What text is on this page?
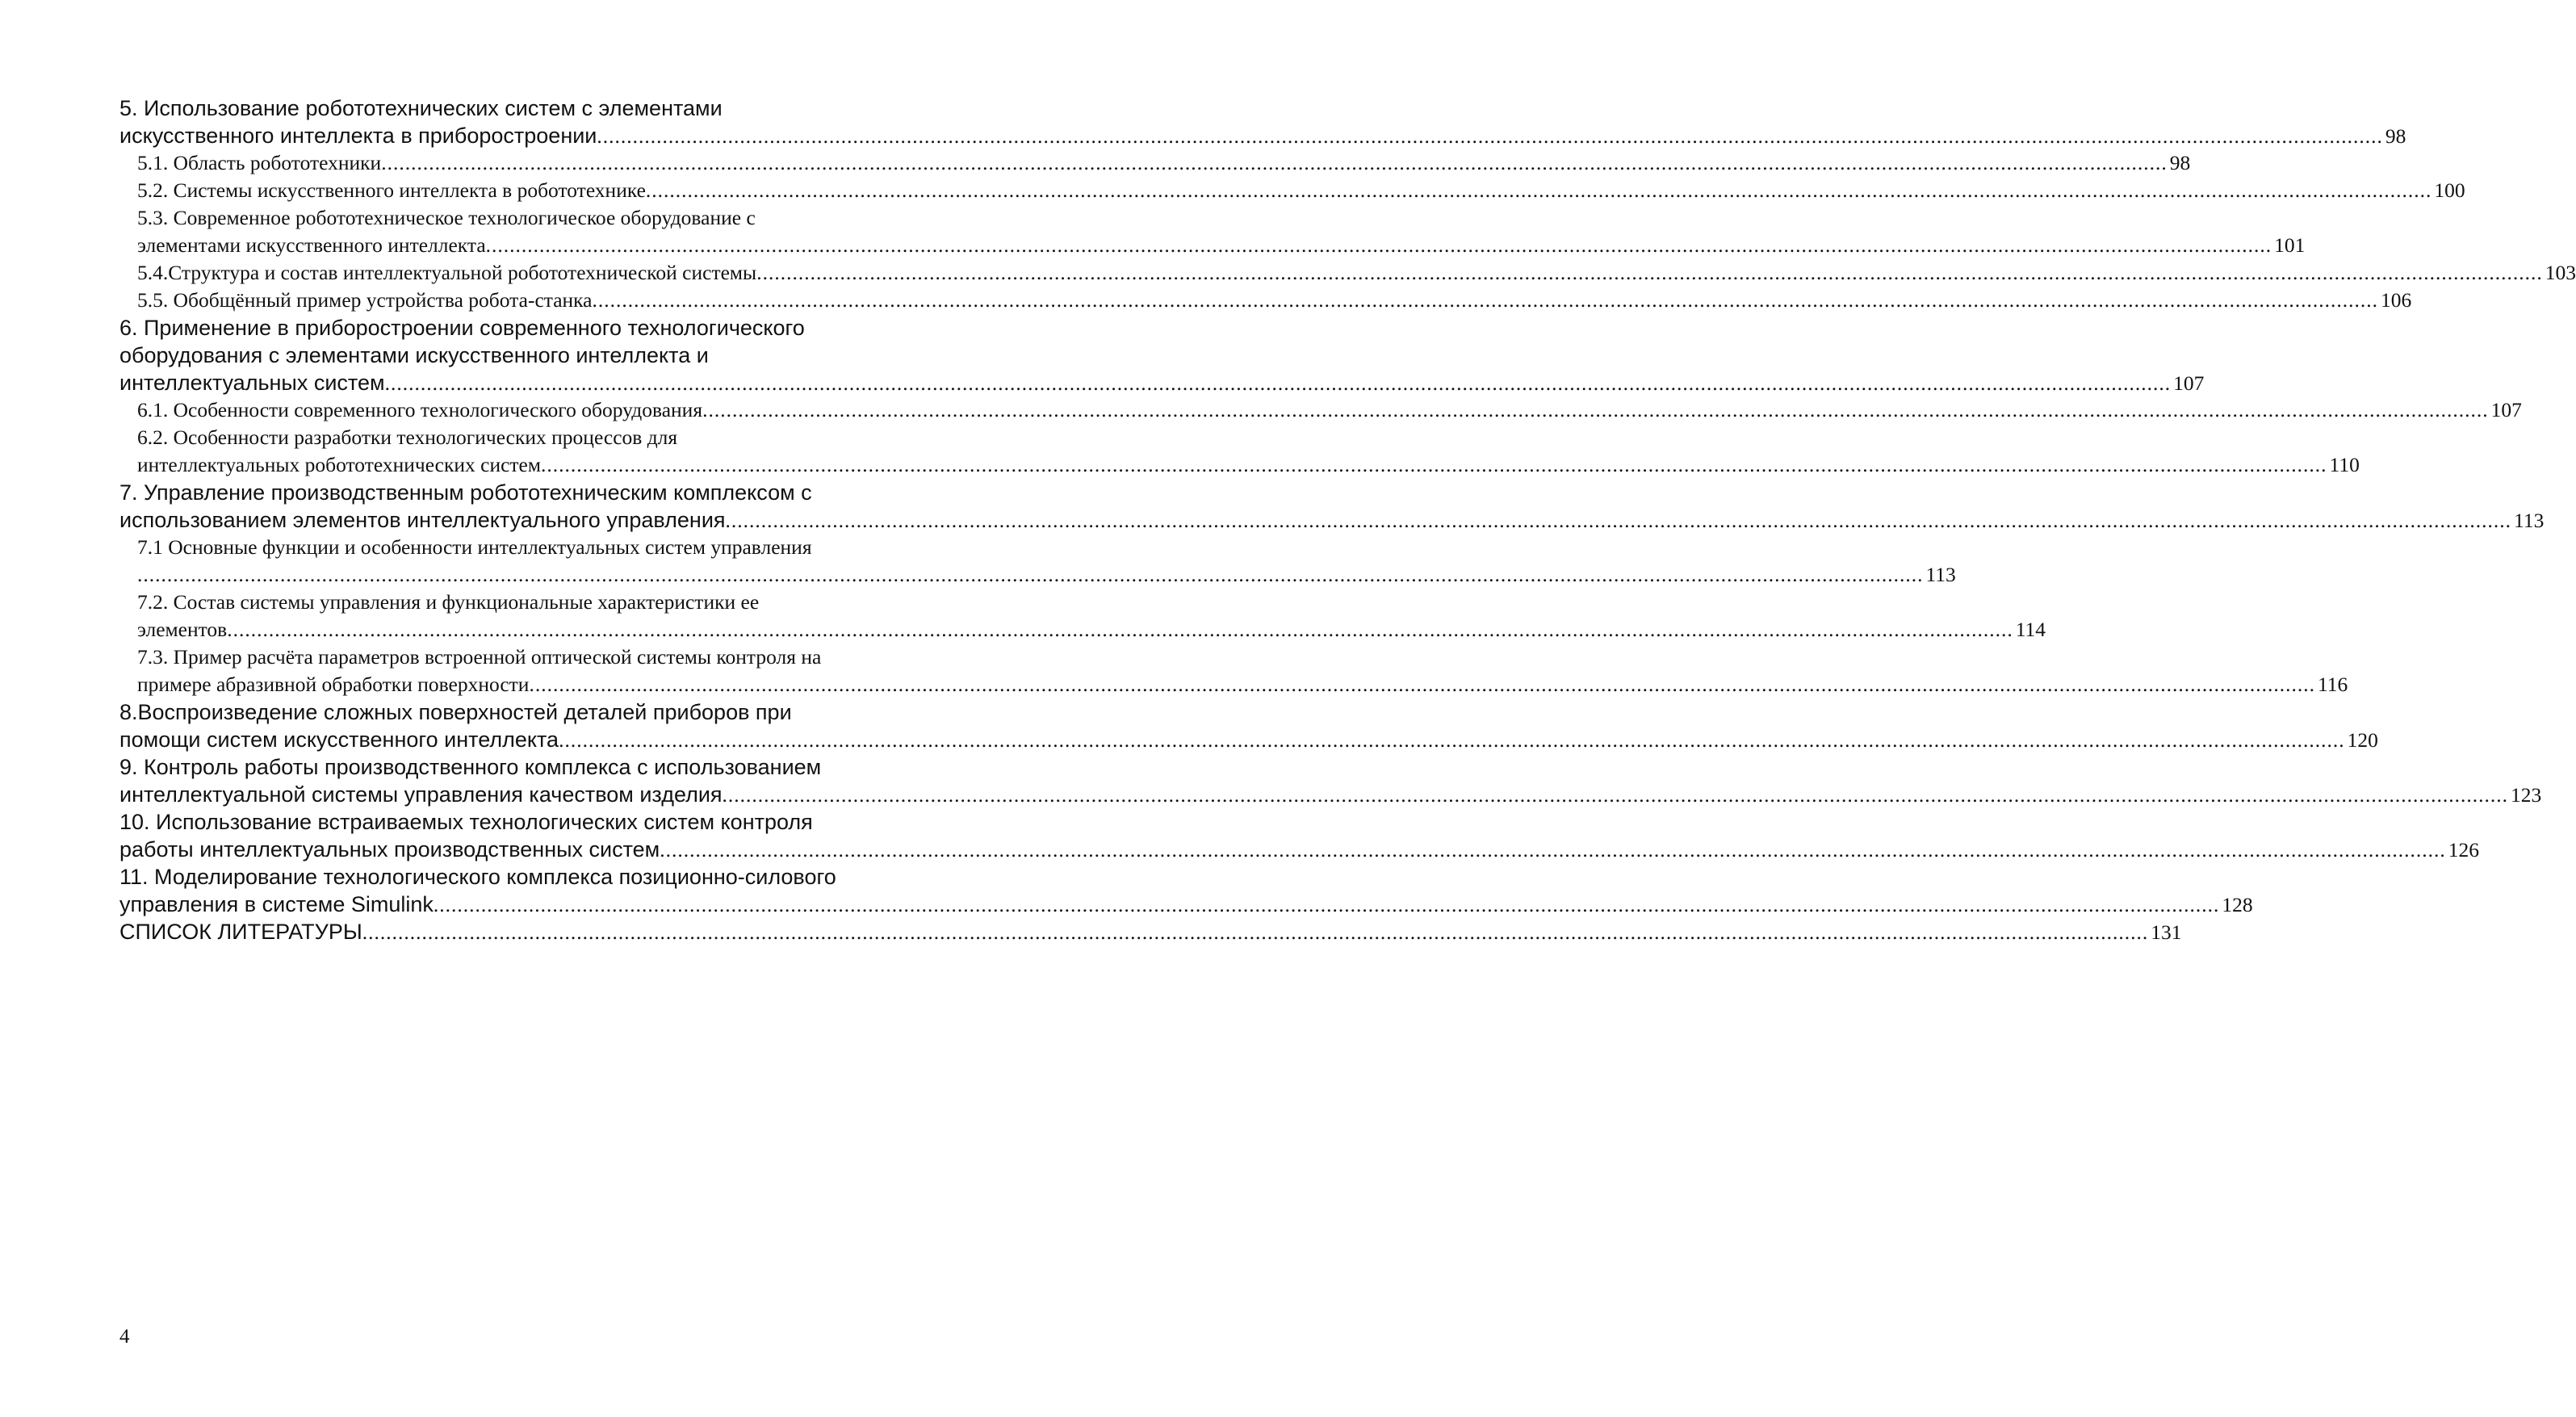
5. Использование робототехнических систем с элементами
искусственного интеллекта в приборостроении ............................................................................................................................................................................................................................................................................................................ 98
5.1. Область робототехники ............................................................................................................................................................................................................................................................................................................ 98
5.2. Системы искусственного интеллекта в робототехнике ............................................................................................................................................................................................................................................................................................................ 100
5.3. Современное робототехническое технологическое оборудование с
элементами искусственного интеллекта ............................................................................................................................................................................................................................................................................................................ 101
5.4.Структура и состав интеллектуальной робототехнической системы ............................................................................................................................................................................................................................................................................................................ 103
5.5. Обобщённый пример устройства робота-станка ............................................................................................................................................................................................................................................................................................................ 106
6. Применение в приборостроении современного технологического
оборудования с элементами искусственного интеллекта и
интеллектуальных систем ............................................................................................................................................................................................................................................................................................................ 107
6.1. Особенности современного технологического оборудования ............................................................................................................................................................................................................................................................................................................ 107
6.2. Особенности разработки технологических процессов для
интеллектуальных робототехнических систем ............................................................................................................................................................................................................................................................................................................ 110
7. Управление производственным робототехническим комплексом с
использованием элементов интеллектуального управления ............................................................................................................................................................................................................................................................................................................ 113
7.1 Основные функции и особенности интеллектуальных систем управления
............................................................................................................................................................................................................................................................................................................ 113
7.2. Состав системы управления и функциональные характеристики ее
элементов ............................................................................................................................................................................................................................................................................................................ 114
7.3. Пример расчёта параметров встроенной оптической системы контроля на
примере абразивной обработки поверхности ............................................................................................................................................................................................................................................................................................................ 116
8.Воспроизведение сложных поверхностей деталей приборов при
помощи систем искусственного интеллекта ............................................................................................................................................................................................................................................................................................................ 120
9. Контроль работы производственного комплекса с использованием
интеллектуальной системы управления качеством изделия ............................................................................................................................................................................................................................................................................................................ 123
10. Использование встраиваемых технологических систем контроля
работы интеллектуальных производственных систем ............................................................................................................................................................................................................................................................................................................ 126
11. Моделирование технологического комплекса позиционно-силового
управления в системе Simulink ............................................................................................................................................................................................................................................................................................................ 128
СПИСОК ЛИТЕРАТУРЫ ............................................................................................................................................................................................................................................................................................................ 131
4
